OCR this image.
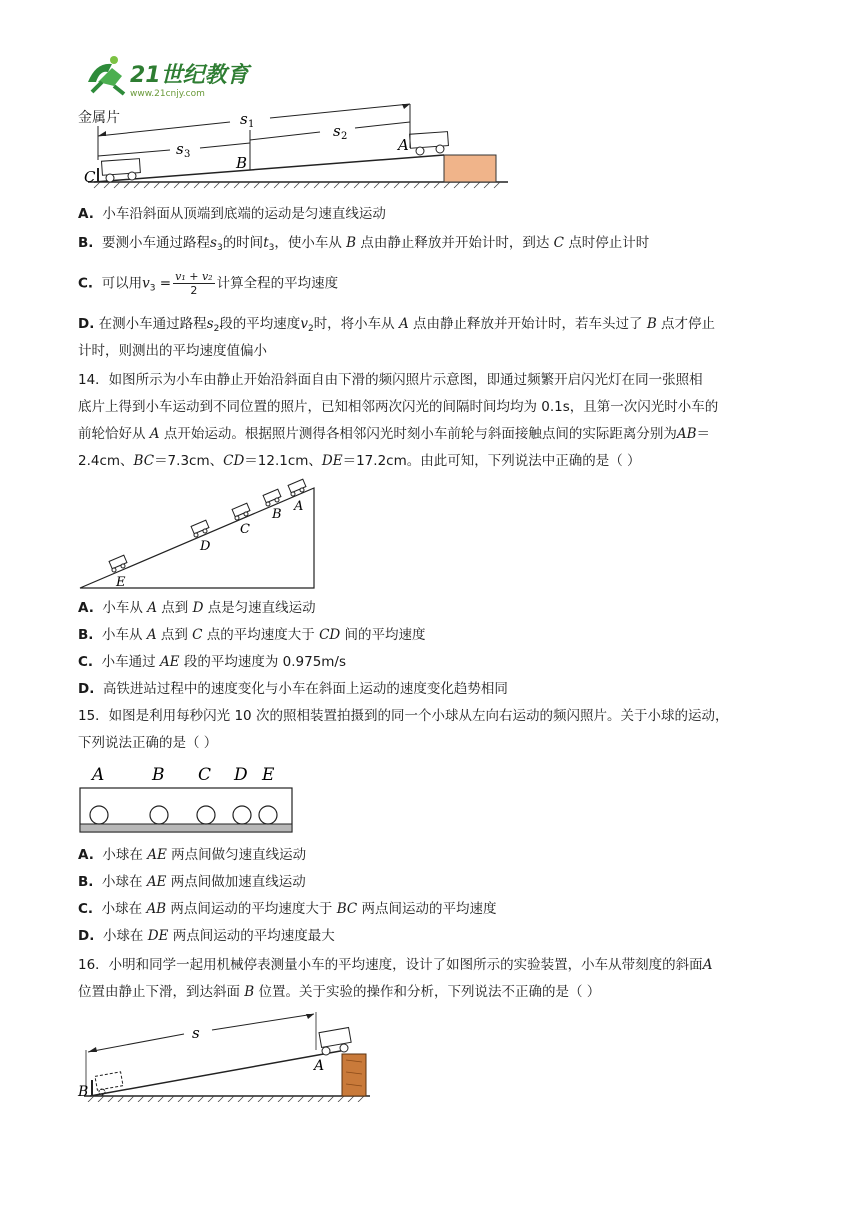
21世纪教育
www.21cnjy.com
金属片	s 1	s 2
s 3
A
B
C
A. 小车沿斜面从顶端到底端的运动是匀速直线运动
B. 要测小车通过路程$s_3$的时间$t_3$，使小车从 B 点由静止释放并开始计时，到达 C 点时停止计时
C. 可以用$v_3 = \frac{\text{v₁ + v₂}}{2}$ 计算全程的平均速度
D. 在测小车通过路程$s_2$段的平均速度$v_2$时，将小车从 A 点由静止释放并开始计时，若车头过了 B 点才停止
计时，则测出的平均速度值偏小
14．如图所示为小车由静止开始沿斜面自由下滑的频闪照片示意图，即通过频繁开启闪光灯在同一张照相
底片上得到小车运动到不同位置的照片，已知相邻两次闪光的间隔时间均均为 0.1s，且第一次闪光时小车的
前轮恰好从 A 点开始运动。根据照片测得各相邻闪光时刻小车前轮与斜面接触点间的实际距离分别为AB＝
2.4cm、BC＝7.3cm、CD＝12.1cm、DE＝17.2cm。由此可知，下列说法中正确的是（ ）
A
B
C
D
E
A. 小车从 A 点到 D 点是匀速直线运动
B. 小车从 A 点到 C 点的平均速度大于 CD 间的平均速度
C. 小车通过 AE 段的平均速度为 0.975m/s
D. 高铁进站过程中的速度变化与小车在斜面上运动的速度变化趋势相同
15．如图是利用每秒闪光 10 次的照相装置拍摄到的同一个小球从左向右运动的频闪照片。关于小球的运动，
下列说法正确的是（ ）
A	B C D E
A. 小球在 AE 两点间做匀速直线运动
B. 小球在 AE 两点间做加速直线运动
C. 小球在 AB 两点间运动的平均速度大于 BC 两点间运动的平均速度
D. 小球在 DE 两点间运动的平均速度最大
16．小明和同学一起用机械停表测量小车的平均速度，设计了如图所示的实验装置，小车从带刻度的斜面A
位置由静止下滑，到达斜面 B 位置。关于实验的操作和分析，下列说法不正确的是（ ）
s
A
B
